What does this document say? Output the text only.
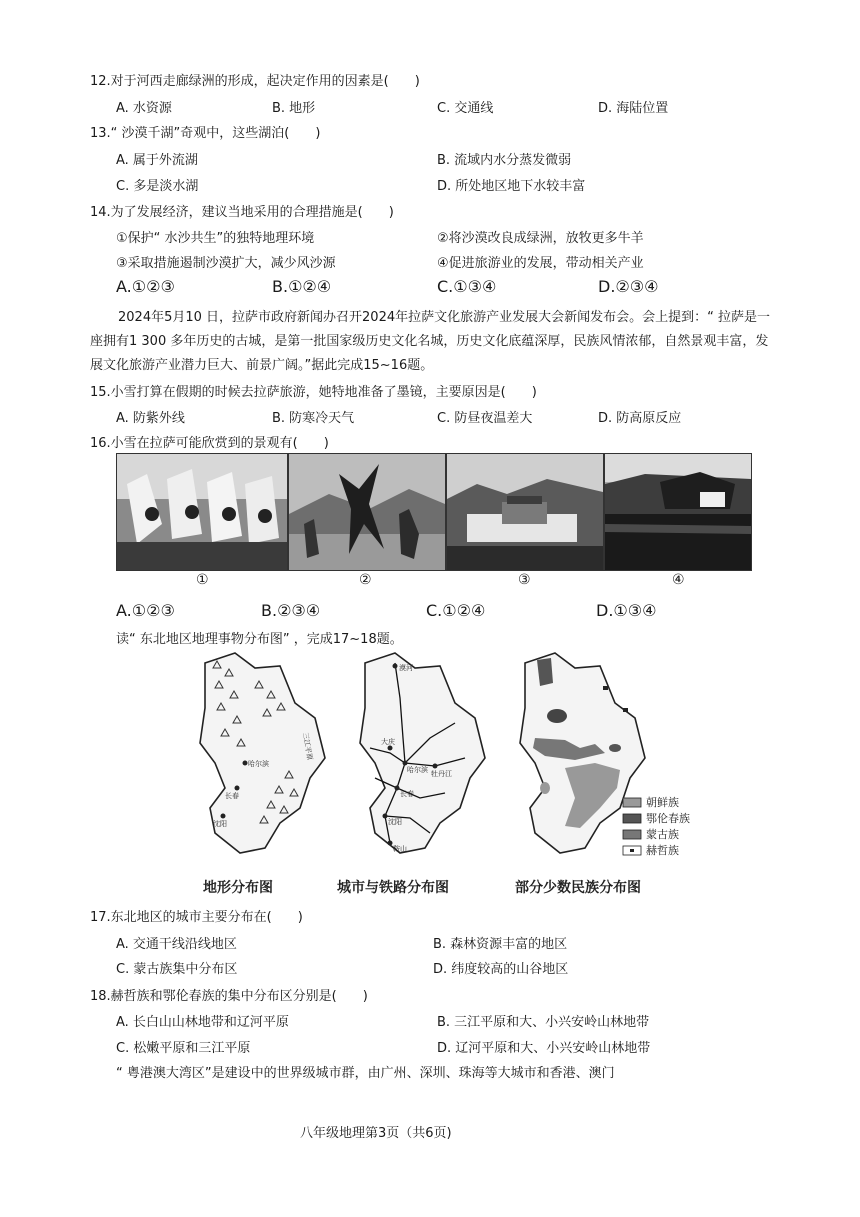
12.对于河西走廊绿洲的形成，起决定作用的因素是(　　)
A. 水资源	B. 地形	C. 交通线	D. 海陆位置
13.“ 沙漠千湖”奇观中，这些湖泊(　　)
A. 属于外流湖	B. 流域内水分蒸发微弱
C. 多是淡水湖	D. 所处地区地下水较丰富
14.为了发展经济，建议当地采用的合理措施是(　　)
①保护“ 水沙共生”的独特地理环境	②将沙漠改良成绿洲，放牧更多牛羊
③采取措施遏制沙漠扩大，减少风沙源	④促进旅游业的发展，带动相关产业
A.①②③	B.①②④	C.①③④	D.②③④
2024年5月10 日，拉萨市政府新闻办召开2024年拉萨文化旅游产业发展大会新闻发布会。会上提到：“ 拉萨是一座拥有1 300 多年历史的古城，是第一批国家级历史文化名城，历史文化底蕴深厚，民族风情浓郁，自然景观丰富，发展文化旅游产业潜力巨大、前景广阔。”据此完成15~16题。
15.小雪打算在假期的时候去拉萨旅游，她特地准备了墨镜，主要原因是(　　)
A. 防紫外线	B. 防寒冷天气	C. 防昼夜温差大	D. 防高原反应
16.小雪在拉萨可能欣赏到的景观有(　　)
①	②	③	④
A.①②③	B.②③④	C.①②④	D.①③④
读“ 东北地区地理事物分布图” ，完成17~18题。
哈尔滨
长春
沈阳
三江平原
漠河
大庆
哈尔滨 牡丹江
长春
沈阳
鞍山
朝鲜族
鄂伦春族
蒙古族
赫哲族
地形分布图	城市与铁路分布图	部分少数民族分布图
17.东北地区的城市主要分布在(　　)
A. 交通干线沿线地区	B. 森林资源丰富的地区
C. 蒙古族集中分布区	D. 纬度较高的山谷地区
18.赫哲族和鄂伦春族的集中分布区分别是(　　)
A. 长白山山林地带和辽河平原	B. 三江平原和大、小兴安岭山林地带
C. 松嫩平原和三江平原	D. 辽河平原和大、小兴安岭山林地带
“ 粤港澳大湾区”是建设中的世界级城市群，由广州、深圳、珠海等大城市和香港、澳门
八年级地理第3页（共6页)
